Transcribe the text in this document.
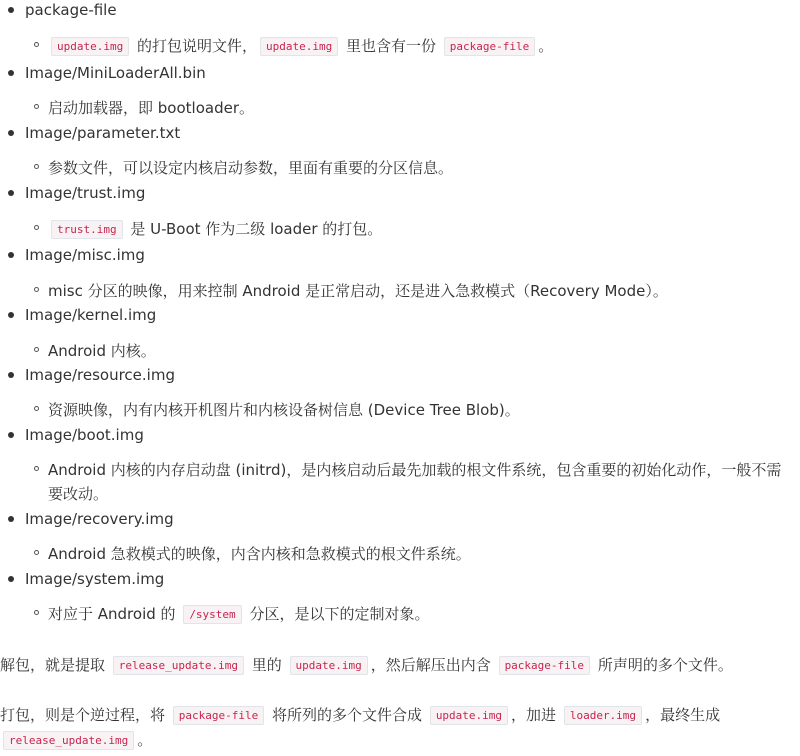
package-file
update.img 的打包说明文件， update.img 里也含有一份 package-file 。
Image/MiniLoaderAll.bin
启动加载器，即 bootloader。
Image/parameter.txt
参数文件，可以设定内核启动参数，里面有重要的分区信息。
Image/trust.img
trust.img 是 U-Boot 作为二级 loader 的打包。
Image/misc.img
misc 分区的映像，用来控制 Android 是正常启动，还是进入急救模式（Recovery Mode）。
Image/kernel.img
Android 内核。
Image/resource.img
资源映像，内有内核开机图片和内核设备树信息 (Device Tree Blob)。
Image/boot.img
Android 内核的内存启动盘 (initrd)，是内核启动后最先加载的根文件系统，包含重要的初始化动作，一般不需要改动。
Image/recovery.img
Android 急救模式的映像，内含内核和急救模式的根文件系统。
Image/system.img
对应于 Android 的 /system 分区，是以下的定制对象。

解包，就是提取 release_update.img 里的 update.img ，然后解压出内含 package-file 所声明的多个文件。

打包，则是个逆过程，将 package-file 将所列的多个文件合成 update.img ，加进 loader.img ，最终生成 release_update.img 。
